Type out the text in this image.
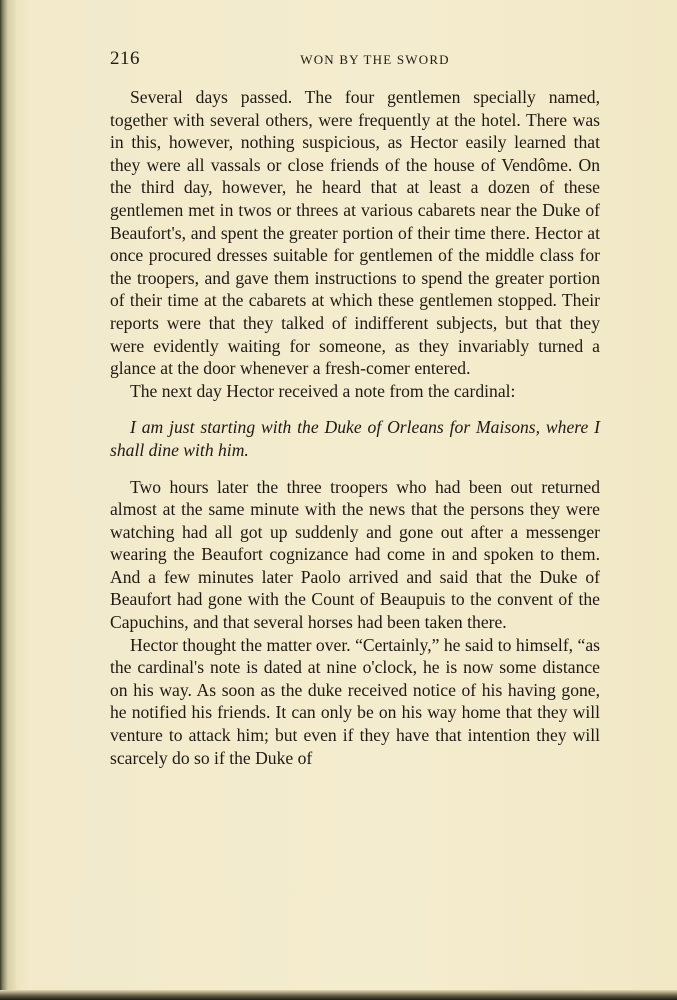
216	WON BY THE SWORD

Several days passed. The four gentlemen specially named, together with several others, were frequently at the hotel. There was in this, however, nothing suspicious, as Hector easily learned that they were all vassals or close friends of the house of Vendôme. On the third day, however, he heard that at least a dozen of these gentlemen met in twos or threes at various cabarets near the Duke of Beaufort's, and spent the greater portion of their time there. Hector at once procured dresses suitable for gentlemen of the middle class for the troopers, and gave them instructions to spend the greater portion of their time at the cabarets at which these gentlemen stopped. Their reports were that they talked of indifferent subjects, but that they were evidently waiting for someone, as they invariably turned a glance at the door whenever a fresh-comer entered.

The next day Hector received a note from the cardinal:

I am just starting with the Duke of Orleans for Maisons, where I shall dine with him.

Two hours later the three troopers who had been out returned almost at the same minute with the news that the persons they were watching had all got up suddenly and gone out after a messenger wearing the Beaufort cognizance had come in and spoken to them. And a few minutes later Paolo arrived and said that the Duke of Beaufort had gone with the Count of Beaupuis to the convent of the Capuchins, and that several horses had been taken there.

Hector thought the matter over. “Certainly,” he said to himself, “as the cardinal's note is dated at nine o'clock, he is now some distance on his way. As soon as the duke received notice of his having gone, he notified his friends. It can only be on his way home that they will venture to attack him; but even if they have that intention they will scarcely do so if the Duke of
